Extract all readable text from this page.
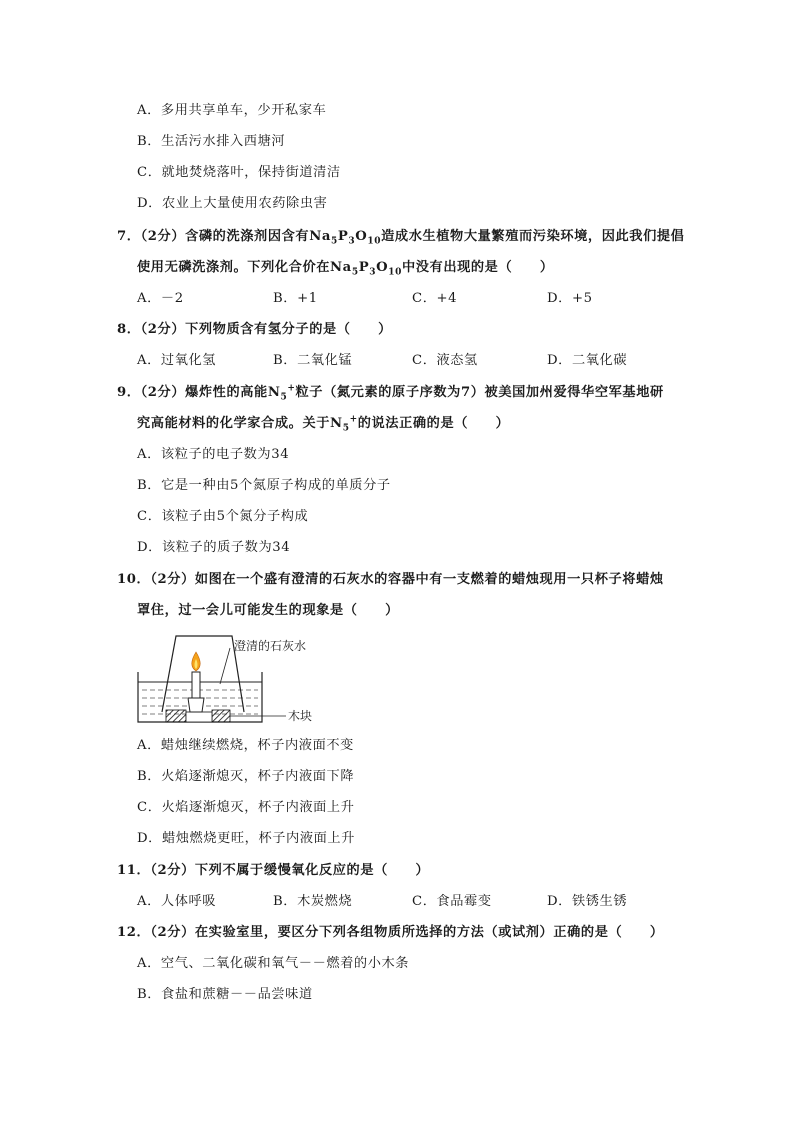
A．多用共享单车，少开私家车
B．生活污水排入西塘河
C．就地焚烧落叶，保持街道清洁
D．农业上大量使用农药除虫害
7．（2分）含磷的洗涤剂因含有$Na_5P_3O_{10}$造成水生植物大量繁殖而污染环境，因此我们提倡
使用无磷洗涤剂。下列化合价在$Na_5P_3O_{10}$中没有出现的是（　　）
A．－2	B．+1	C．+4	D．+5
8．（2分）下列物质含有氢分子的是（　　）
A．过氧化氢	B．二氧化锰	C．液态氢	D．二氧化碳
9．（2分）爆炸性的高能$N_5^+$粒子（氮元素的原子序数为7）被美国加州爱得华空军基地研
究高能材料的化学家合成。关于$N_5^+$的说法正确的是（　　）
A．该粒子的电子数为34
B．它是一种由5个氮原子构成的单质分子
C．该粒子由5个氮分子构成
D．该粒子的质子数为34
10．（2分）如图在一个盛有澄清的石灰水的容器中有一支燃着的蜡烛现用一只杯子将蜡烛
罩住，过一会儿可能发生的现象是（　　）
澄清的石灰水
木块
A．蜡烛继续燃烧，杯子内液面不变
B．火焰逐渐熄灭，杯子内液面下降
C．火焰逐渐熄灭，杯子内液面上升
D．蜡烛燃烧更旺，杯子内液面上升
11．（2分）下列不属于缓慢氧化反应的是（　　）
A．人体呼吸	B．木炭燃烧	C．食品霉变	D．铁锈生锈
12．（2分）在实验室里，要区分下列各组物质所选择的方法（或试剂）正确的是（　　）
A．空气、二氧化碳和氧气－－燃着的小木条
B．食盐和蔗糖－－品尝味道
